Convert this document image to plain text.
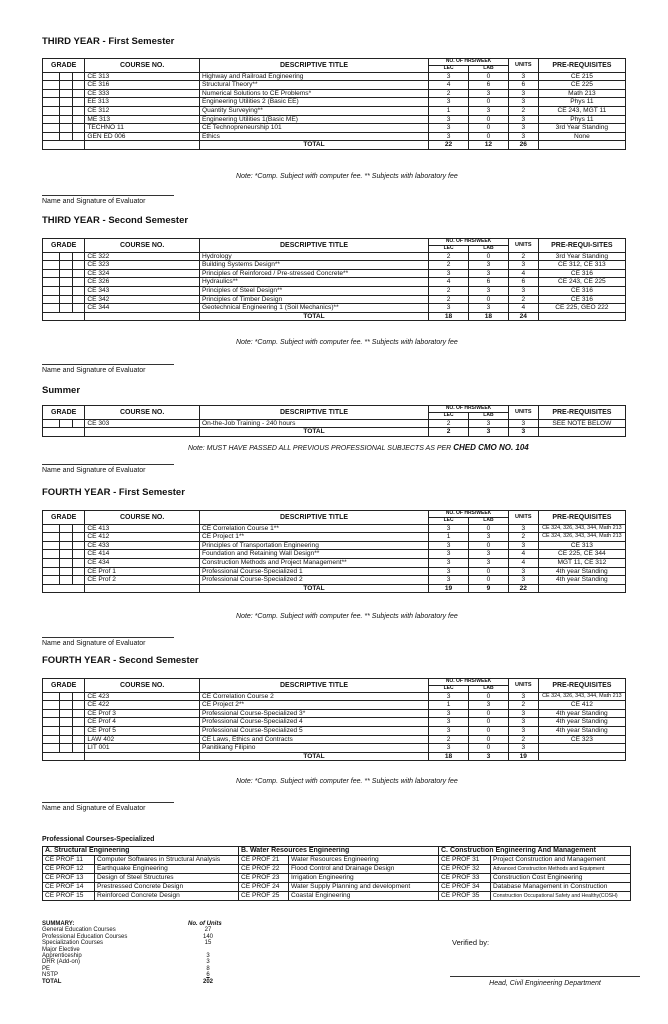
THIRD YEAR - First Semester
GRADE			COURSE NO.	DESCRIPTIVE TITLE	NO. OF HRS/WEEK		UNITS	PRE-REQUISITES
					LEC	LAB		
			CE 313	Highway and Railroad Engineering	3	0	3	CE 215
			CE 316	Structural Theory**	4	6	6	CE 225
			CE 333	Numerical Solutions to CE Problems*	2	3	3	Math 213
			EE 313	Engineering Utilities 2 (Basic EE)	3	0	3	Phys 11
			CE 312	Quantity Surveying**	1	3	2	CE 243, MGT 11
			ME 313	Engineering Utilities 1(Basic ME)	3	0	3	Phys 11
			TECHNO 11	CE Technopreneurship 101	3	0	3	3rd Year Standing
			GEN ED 006	Ethics	3	0	3	None
				TOTAL	22	12	26	
Note: *Comp. Subject with computer fee. ** Subjects with laboratory fee
Name and Signature of Evaluator
THIRD YEAR - Second Semester
GRADE			COURSE NO.	DESCRIPTIVE TITLE	NO. OF HRS/WEEK		UNITS	PRE-REQUI-SITES
					LEC	LAB		
			CE 322	Hydrology	2	0	2	3rd Year Standing
			CE 323	Building Systems Design**	2	3	3	CE 312, CE 313
			CE 324	Principles of Reinforced / Pre-stressed Concrete**	3	3	4	CE 316
			CE 326	Hydraulics**	4	6	6	CE 243, CE 225
			CE 343	Principles of Steel Design**	2	3	3	CE 316
			CE 342	Principles of Timber Design	2	0	2	CE 316
			CE 344	Geotechnical Engineering 1 (Soil Mechanics)**	3	3	4	CE 225, GEO 222
				TOTAL	18	18	24	
Note: *Comp. Subject with computer fee. ** Subjects with laboratory fee
Name and Signature of Evaluator
Summer
GRADE			COURSE NO.	DESCRIPTIVE TITLE	NO. OF HRS/WEEK		UNITS	PRE-REQUISITES
					LEC	LAB		
			CE 303	On-the-Job Training - 240 hours	2	3	3	SEE NOTE BELOW
				TOTAL	2	3	3	
Note: MUST HAVE PASSED ALL PREVIOUS PROFESSIONAL SUBJECTS AS PER CHED CMO NO. 104
Name and Signature of Evaluator
FOURTH YEAR - First Semester
GRADE			COURSE NO.	DESCRIPTIVE TITLE	NO. OF HRS/WEEK		UNITS	PRE-REQUISITES
					LEC	LAB		
			CE 413	CE Correlation Course 1**	3	0	3	CE 324, 326, 343, 344, Math 213
			CE 412	CE Project 1**	1	3	2	CE 324, 326, 343, 344, Math 213
			CE 433	Principles of Transportation Engineering	3	0	3	CE 313
			CE 414	Foundation and Retaining Wall Design**	3	3	4	CE 225, CE 344
			CE 434	Construction Methods and Project Management**	3	3	4	MGT 11, CE 312
			CE Prof 1	Professional Course-Specialized 1	3	0	3	4th year Standing
			CE Prof 2	Professional Course-Specialized 2	3	0	3	4th year Standing
				TOTAL	19	9	22	
Note: *Comp. Subject with computer fee. ** Subjects with laboratory fee
Name and Signature of Evaluator
FOURTH YEAR - Second Semester
GRADE			COURSE NO.	DESCRIPTIVE TITLE	NO. OF HRS/WEEK		UNITS	PRE-REQUISITES
					LEC	LAB		
			CE 423	CE Correlation Course 2	3	0	3	CE 324, 326, 343, 344, Math 213
			CE 422	CE Project 2**	1	3	2	CE 412
			CE Prof 3	Professional Course-Specialized 3*	3	0	3	4th year Standing
			CE Prof 4	Professional Course-Specialized 4	3	0	3	4th year Standing
			CE Prof 5	Professional Course-Specialized 5	3	0	3	4th year Standing
			LAW 402	CE Laws, Ethics and Contracts	2	0	2	CE 323
			LIT 001	Panitikang Filipino	3	0	3	
				TOTAL	18	3	19	
Note: *Comp. Subject with computer fee. ** Subjects with laboratory fee
Name and Signature of Evaluator
Professional Courses-Specialized
A. Structural Engineering		B. Water Resources Engineering		C. Construction Engineering And Management	
CE PROF 11	Computer Softwares in Structural Analysis	CE PROF 21	Water Resources Engineering	CE PROF 31	Project Construction and Management
CE PROF 12	Earthquake Engineering	CE PROF 22	Flood Control and Drainage Design	CE PROF 32	Advanced Construction Methods and Equipment
CE PROF 13	Design of Steel Structures	CE PROF 23	Irrigation Engineering	CE PROF 33	Construction Cost Engineering
CE PROF 14	Prestressed Concrete Design	CE PROF 24	Water Supply Planning and development	CE PROF 34	Database Management in Construction
CE PROF 15	Reinforced Concrete Design	CE PROF 25	Coastal Engineering	CE PROF 35	Construction Occupational Safety and Healthy(COSH)
SUMMARY:	No. of Units
General Education Courses	27
Professional Education Courses	140
Specialization Courses	15
Major Elective
Apprenticeship	3
DRR (Add-on)	3
PE	8
NSTP	6
TOTAL	202
Verified by:
Head, Civil Engineering Department
